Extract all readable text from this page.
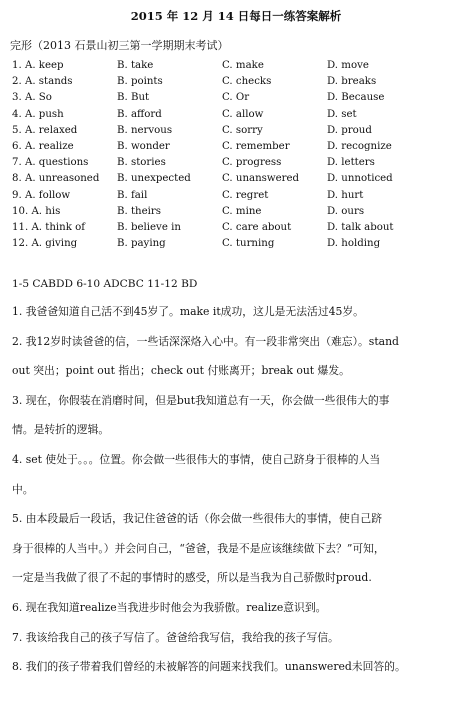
2015 年 12 月 14 日每日一练答案解析
完形（2013 石景山初三第一学期期末考试）
1. A. keep	B. take	C. make	D. move
2. A. stands	B. points	C. checks	D. breaks
3. A. So	B. But	C. Or	D. Because
4. A. push	B. afford	C. allow	D. set
5. A. relaxed	B. nervous	C. sorry	D. proud
6. A. realize	B. wonder	C. remember	D. recognize
7. A. questions	B. stories	C. progress	D. letters
8. A. unreasoned	B. unexpected	C. unanswered	D. unnoticed
9. A. follow	B. fail	C. regret	D. hurt
10. A. his	B. theirs	C. mine	D. ours
11. A. think of	B. believe in	C. care about	D. talk about
12. A. giving	B. paying	C. turning	D. holding
1-5 CABDD 6-10 ADCBC 11-12 BD

1. 我爸爸知道自己活不到45岁了。make it成功，这儿是无法活过45岁。

2. 我12岁时读爸爸的信，一些话深深烙入心中。有一段非常突出（难忘）。stand

out 突出；point out 指出；check out 付账离开；break out 爆发。

3. 现在，你假装在消磨时间，但是but我知道总有一天，你会做一些很伟大的事

情。是转折的逻辑。

4. set 使处于。。。位置。你会做一些很伟大的事情，使自己跻身于很棒的人当

中。

5. 由本段最后一段话，我记住爸爸的话（你会做一些很伟大的事情，使自己跻

身于很棒的人当中。）并会问自己，“爸爸，我是不是应该继续做下去？”可知，

一定是当我做了很了不起的事情时的感受，所以是当我为自己骄傲时proud.

6. 现在我知道realize当我进步时他会为我骄傲。realize意识到。

7. 我该给我自己的孩子写信了。爸爸给我写信，我给我的孩子写信。

8. 我们的孩子带着我们曾经的未被解答的问题来找我们。unanswered未回答的。
